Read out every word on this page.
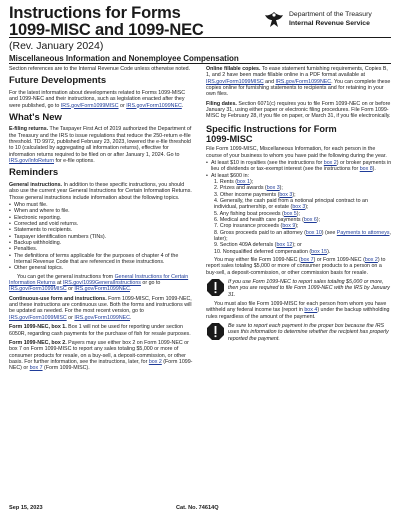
Instructions for Forms
1099-MISC and 1099-NEC
(Rev. January 2024)
Miscellaneous Information and Nonemployee Compensation
Department of the Treasury
Internal Revenue Service

Section references are to the Internal Revenue Code unless otherwise noted.

Future Developments

For the latest information about developments related to Forms 1099-MISC and 1099-NEC and their instructions, such as legislation enacted after they were published, go to IRS.gov/Form1099MISC or IRS.gov/Form1099NEC.

What's New

E-filing returns. The Taxpayer First Act of 2019 authorized the Department of the Treasury and the IRS to issue regulations that reduce the 250-return e-file threshold. TD 9972, published February 23, 2023, lowered the e-file threshold to 10 (calculated by aggregating all information returns), effective for information returns required to be filed on or after January 1, 2024. Go to IRS.gov/InfoReturn for e-file options.

Reminders

General instructions. In addition to these specific instructions, you should also use the current year General Instructions for Certain Information Returns. Those general instructions include information about the following topics.

• Who must file.
• When and where to file.
• Electronic reporting.
• Corrected and void returns.
• Statements to recipients.
• Taxpayer identification numbers (TINs).
• Backup withholding.
• Penalties.
• The definitions of terms applicable for the purposes of chapter 4 of the Internal Revenue Code that are referenced in these instructions.
• Other general topics.

You can get the general instructions from General Instructions for Certain Information Returns at IRS.gov/1099GeneralInstructions or go to IRS.gov/Form1099MISC or IRS.gov/Form1099NEC.

Continuous-use form and instructions. Form 1099-MISC, Form 1099-NEC, and these instructions are continuous use. Both the forms and instructions will be updated as needed. For the most recent version, go to IRS.gov/Form1099MISC or IRS.gov/Form1099NEC.

Form 1099-NEC, box 1. Box 1 will not be used for reporting under section 6050R, regarding cash payments for the purchase of fish for resale purposes.

Form 1099-NEC, box 2. Payers may use either box 2 on Form 1099-NEC or box 7 on Form 1099-MISC to report any sales totaling $5,000 or more of consumer products for resale, on a buy-sell, a deposit-commission, or other basis. For further information, see the instructions, later, for box 2 (Form 1099-NEC) or box 7 (Form 1099-MISC).

Online fillable copies. To ease statement furnishing requirements, Copies B, 1, and 2 have been made fillable online in a PDF format available at IRS.gov/Form1099MISC and IRS.gov/Form1099NEC. You can complete these copies online for furnishing statements to recipients and for retaining in your own files.

Filing dates. Section 6071(c) requires you to file Form 1099-NEC on or before January 31, using either paper or electronic filing procedures. File Form 1099-MISC by February 28, if you file on paper, or March 31, if you file electronically.

Specific Instructions for Form
1099-MISC

File Form 1099-MISC, Miscellaneous Information, for each person in the course of your business to whom you have paid the following during the year.

• At least $10 in royalties (see the instructions for box 2) or broker payments in lieu of dividends or tax-exempt interest (see the instructions for box 8).
• At least $600 in:
1. Rents (box 1);
2. Prizes and awards (box 3);
3. Other income payments (box 3);
4. Generally, the cash paid from a notional principal contract to an individual, partnership, or estate (box 3);
5. Any fishing boat proceeds (box 5);
6. Medical and health care payments (box 6);
7. Crop insurance proceeds (box 9);
8. Gross proceeds paid to an attorney (box 10) (see Payments to attorneys, later);
9. Section 409A deferrals (box 12); or
10. Nonqualified deferred compensation (box 15).

You may either file Form 1099-NEC (box 7) or Form 1099-NEC (box 2) to report sales totaling $5,000 or more of consumer products to a person on a buy-sell, a deposit-commission, or other commission basis for resale.

If you use Form 1099-NEC to report sales totaling $5,000 or more, then you are required to file Form 1099-NEC with the IRS by January 31.

You must also file Form 1099-MISC for each person from whom you have withheld any federal income tax (report in box 4) under the backup withholding rules regardless of the amount of the payment.

Be sure to report each payment in the proper box because the IRS uses this information to determine whether the recipient has properly reported the payment.
Sep 15, 2023	Cat. No. 74614Q
